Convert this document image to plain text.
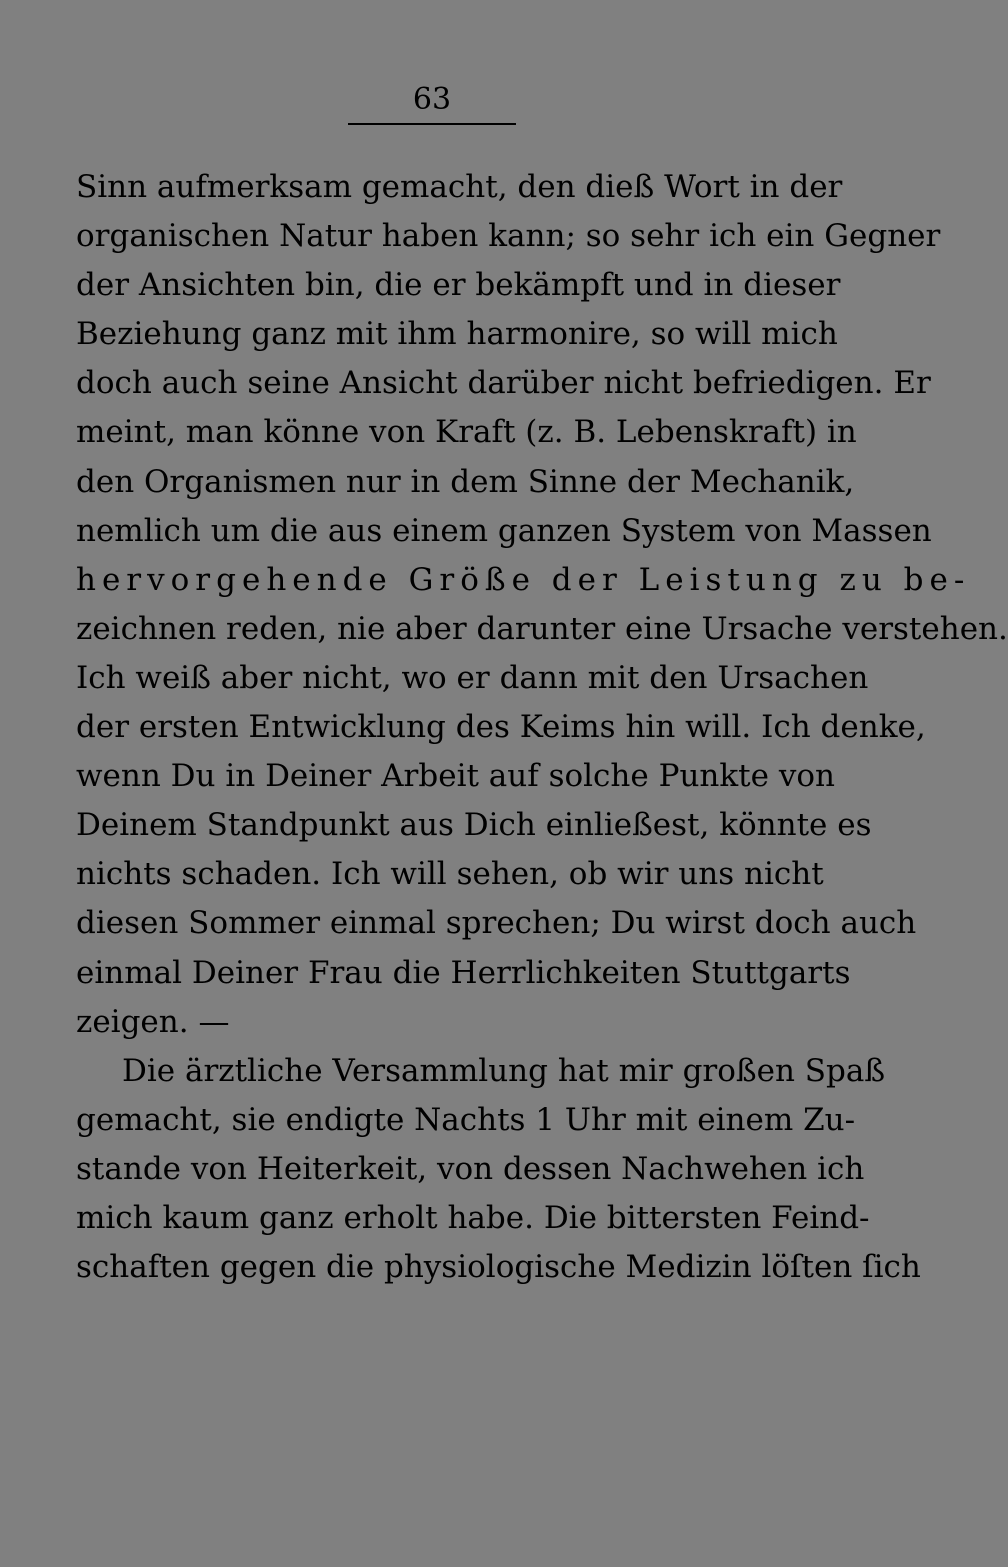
63
Sinn aufmerksam gemacht, den dieß Wort in der
organischen Natur haben kann; so sehr ich ein Gegner
der Ansichten bin, die er bekämpft und in dieser
Beziehung ganz mit ihm harmonire, so will mich
doch auch seine Ansicht darüber nicht befriedigen. Er
meint, man könne von Kraft (z. B. Lebenskraft) in
den Organismen nur in dem Sinne der Mechanik,
nemlich um die aus einem ganzen System von Massen
hervorgehende Größe der Leistung zu be-
zeichnen reden, nie aber darunter eine Ursache verstehen.
Ich weiß aber nicht, wo er dann mit den Ursachen
der ersten Entwicklung des Keims hin will. Ich denke,
wenn Du in Deiner Arbeit auf solche Punkte von
Deinem Standpunkt aus Dich einließest, könnte es
nichts schaden. Ich will sehen, ob wir uns nicht
diesen Sommer einmal sprechen; Du wirst doch auch
einmal Deiner Frau die Herrlichkeiten Stuttgarts
zeigen. —
Die ärztliche Versammlung hat mir großen Spaß
gemacht, sie endigte Nachts 1 Uhr mit einem Zu-
stande von Heiterkeit, von dessen Nachwehen ich
mich kaum ganz erholt habe. Die bittersten Feind-
schaften gegen die physiologische Medizin löſten ſich
